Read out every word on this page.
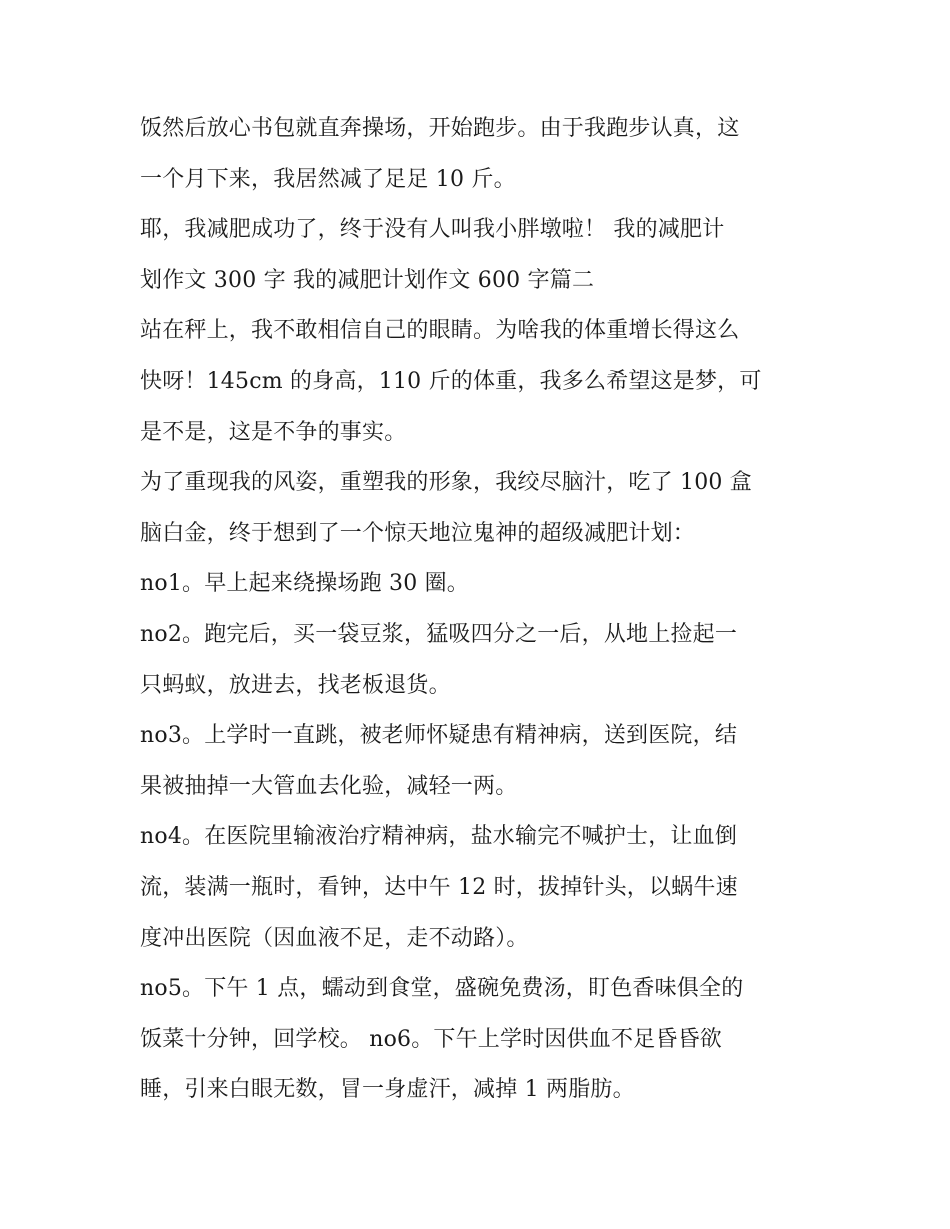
饭然后放心书包就直奔操场，开始跑步。由于我跑步认真，这
一个月下来，我居然减了足足 10 斤。
耶，我减肥成功了，终于没有人叫我小胖墩啦！ 我的减肥计
划作文 300 字 我的减肥计划作文 600 字篇二
站在秤上，我不敢相信自己的眼睛。为啥我的体重增长得这么
快呀！145cm 的身高，110 斤的体重，我多么希望这是梦，可
是不是，这是不争的事实。
为了重现我的风姿，重塑我的形象，我绞尽脑汁，吃了 100 盒
脑白金，终于想到了一个惊天地泣鬼神的超级减肥计划：
no1。早上起来绕操场跑 30 圈。
no2。跑完后，买一袋豆浆，猛吸四分之一后，从地上捡起一
只蚂蚁，放进去，找老板退货。
no3。上学时一直跳，被老师怀疑患有精神病，送到医院，结
果被抽掉一大管血去化验，减轻一两。
no4。在医院里输液治疗精神病，盐水输完不喊护士，让血倒
流，装满一瓶时，看钟，达中午 12 时，拔掉针头，以蜗牛速
度冲出医院（因血液不足，走不动路）。
no5。下午 1 点，蠕动到食堂，盛碗免费汤，盯色香味俱全的
饭菜十分钟，回学校。 no6。下午上学时因供血不足昏昏欲
睡，引来白眼无数，冒一身虚汗，减掉 1 两脂肪。
